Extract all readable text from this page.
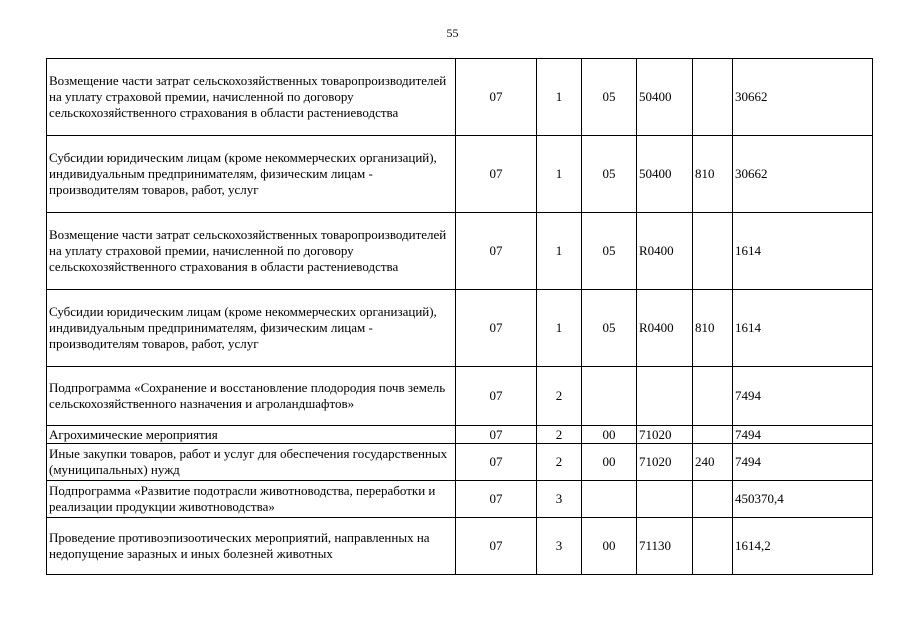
55
Возмещение части затрат сельскохозяйственных товаропроизводителей на уплату страховой премии, начисленной по договору сельскохозяйственного страхования в области растениеводства	07	1	05	50400		30662
Субсидии юридическим лицам (кроме некоммерческих организаций), индивидуальным предпринимателям, физическим лицам - производителям товаров, работ, услуг	07	1	05	50400	810	30662
Возмещение части затрат сельскохозяйственных товаропроизводителей на уплату страховой премии, начисленной по договору сельскохозяйственного страхования в области растениеводства	07	1	05	R0400		1614
Субсидии юридическим лицам (кроме некоммерческих организаций), индивидуальным предпринимателям, физическим лицам - производителям товаров, работ, услуг	07	1	05	R0400	810	1614
Подпрограмма «Сохранение и восстановление плодородия почв земель сельскохозяйственного назначения и агроландшафтов»	07	2				7494
Агрохимические мероприятия	07	2	00	71020		7494
Иные закупки товаров, работ и услуг для обеспечения государственных (муниципальных) нужд	07	2	00	71020	240	7494
Подпрограмма «Развитие подотрасли животноводства, переработки и реализации продукции животноводства»	07	3				450370,4
Проведение противоэпизоотических мероприятий, направленных на недопущение заразных и иных болезней животных	07	3	00	71130		1614,2
